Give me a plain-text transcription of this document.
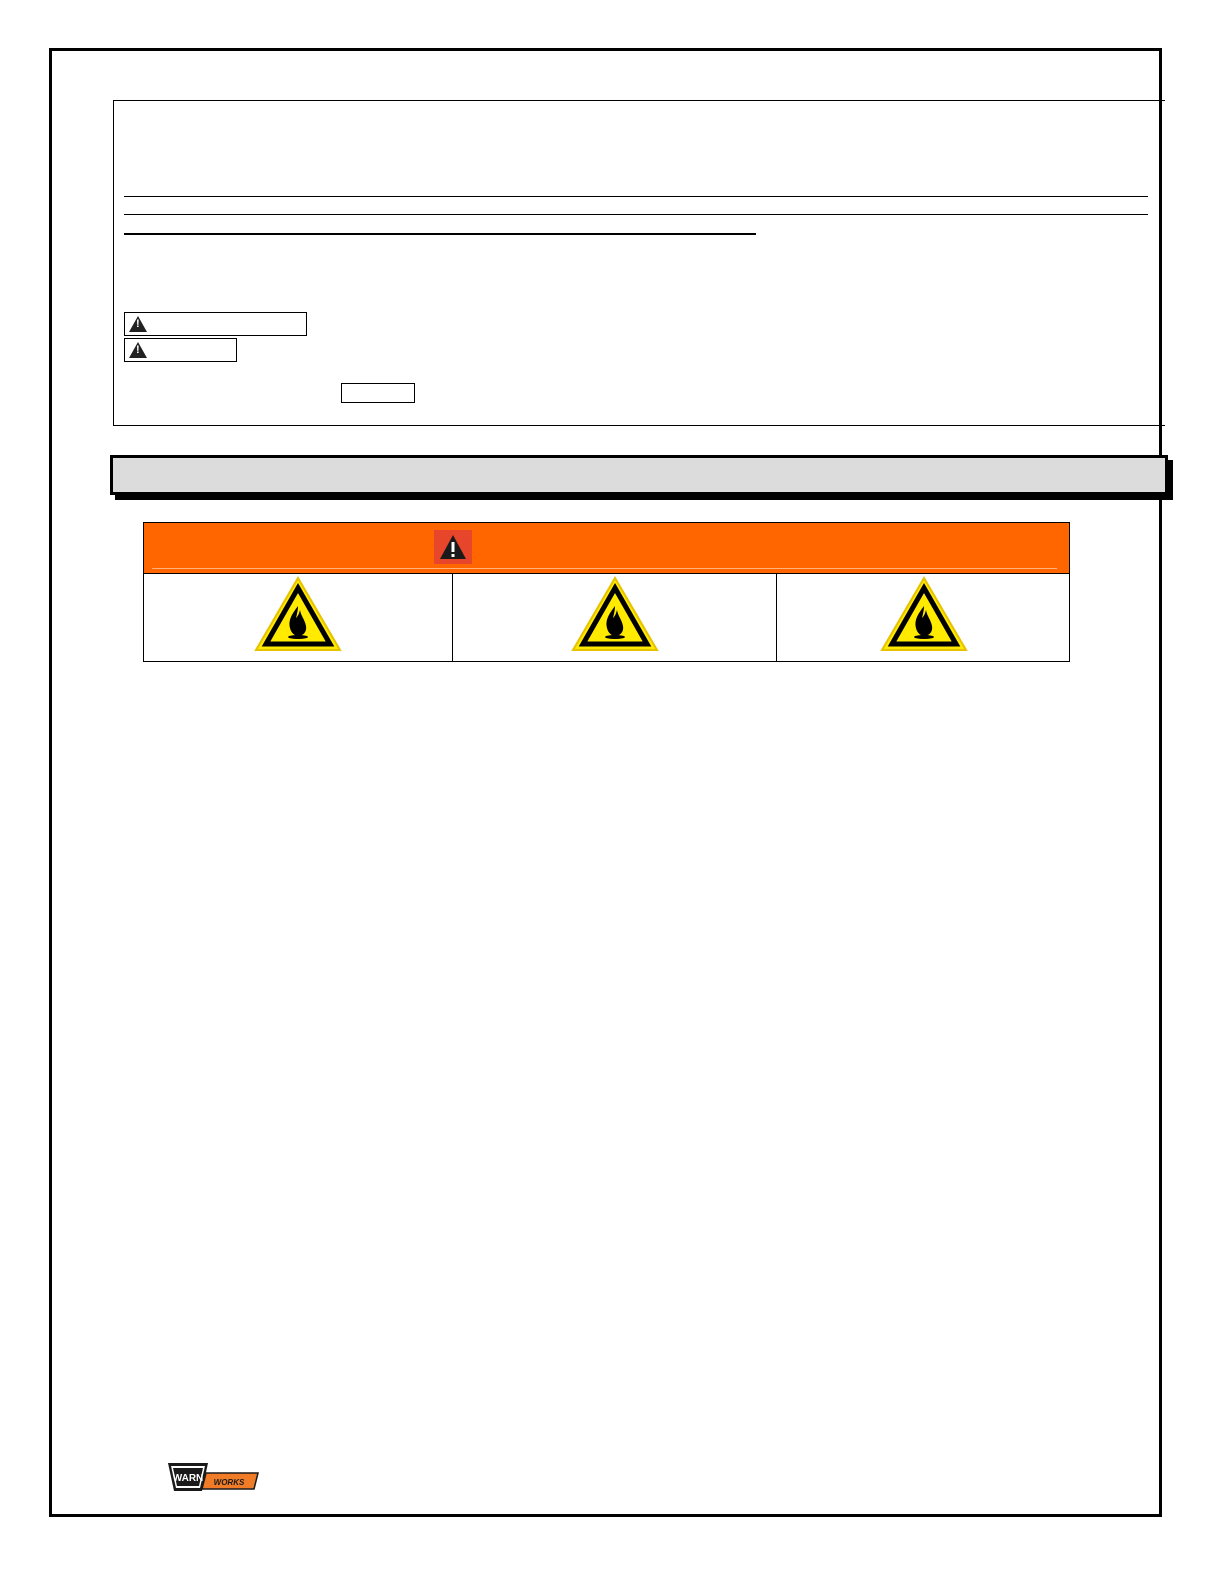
!
!
WARN WORKS
